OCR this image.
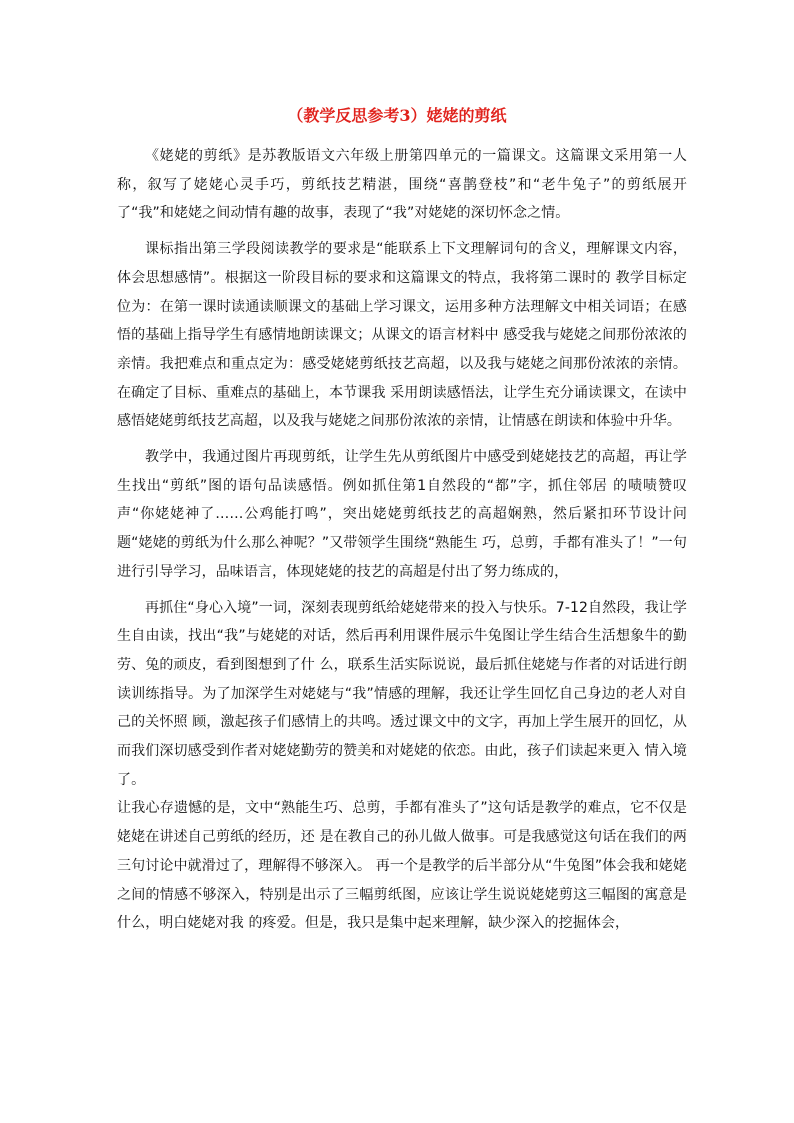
（教学反思参考3）姥姥的剪纸

《姥姥的剪纸》是苏教版语文六年级上册第四单元的一篇课文。这篇课文采用第一人称，叙写了姥姥心灵手巧，剪纸技艺精湛，围绕“喜鹊登枝”和“老牛兔子”的剪纸展开了“我”和姥姥之间动情有趣的故事，表现了“我”对姥姥的深切怀念之情。

课标指出第三学段阅读教学的要求是“能联系上下文理解词句的含义，理解课文内容，体会思想感情”。根据这一阶段目标的要求和这篇课文的特点，我将第二课时的 教学目标定位为：在第一课时读通读顺课文的基础上学习课文，运用多种方法理解文中相关词语；在感悟的基础上指导学生有感情地朗读课文；从课文的语言材料中 感受我与姥姥之间那份浓浓的亲情。我把难点和重点定为：感受姥姥剪纸技艺高超，以及我与姥姥之间那份浓浓的亲情。在确定了目标、重难点的基础上，本节课我 采用朗读感悟法，让学生充分诵读课文，在读中感悟姥姥剪纸技艺高超，以及我与姥姥之间那份浓浓的亲情，让情感在朗读和体验中升华。

教学中，我通过图片再现剪纸，让学生先从剪纸图片中感受到姥姥技艺的高超，再让学生找出“剪纸”图的语句品读感悟。例如抓住第1自然段的“都”字，抓住邻居 的啧啧赞叹声“你姥姥神了……公鸡能打鸣”，突出姥姥剪纸技艺的高超娴熟，然后紧扣环节设计问题“姥姥的剪纸为什么那么神呢？”又带领学生围绕“熟能生 巧，总剪，手都有准头了！”一句进行引导学习，品味语言，体现姥姥的技艺的高超是付出了努力练成的，

再抓住“身心入境”一词，深刻表现剪纸给姥姥带来的投入与快乐。7-12自然段，我让学生自由读，找出“我”与姥姥的对话，然后再利用课件展示牛兔图让学生结合生活想象牛的勤劳、兔的顽皮，看到图想到了什 么，联系生活实际说说，最后抓住姥姥与作者的对话进行朗读训练指导。为了加深学生对姥姥与“我”情感的理解，我还让学生回忆自己身边的老人对自己的关怀照 顾，激起孩子们感情上的共鸣。透过课文中的文字，再加上学生展开的回忆，从而我们深切感受到作者对姥姥勤劳的赞美和对姥姥的依恋。由此，孩子们读起来更入 情入境了。

让我心存遗憾的是，文中“熟能生巧、总剪，手都有准头了”这句话是教学的难点，它不仅是姥姥在讲述自己剪纸的经历，还 是在教自己的孙儿做人做事。可是我感觉这句话在我们的两三句讨论中就滑过了，理解得不够深入。 再一个是教学的后半部分从“牛兔图”体会我和姥姥之间的情感不够深入，特别是出示了三幅剪纸图，应该让学生说说姥姥剪这三幅图的寓意是什么，明白姥姥对我 的疼爱。但是，我只是集中起来理解，缺少深入的挖掘体会，
